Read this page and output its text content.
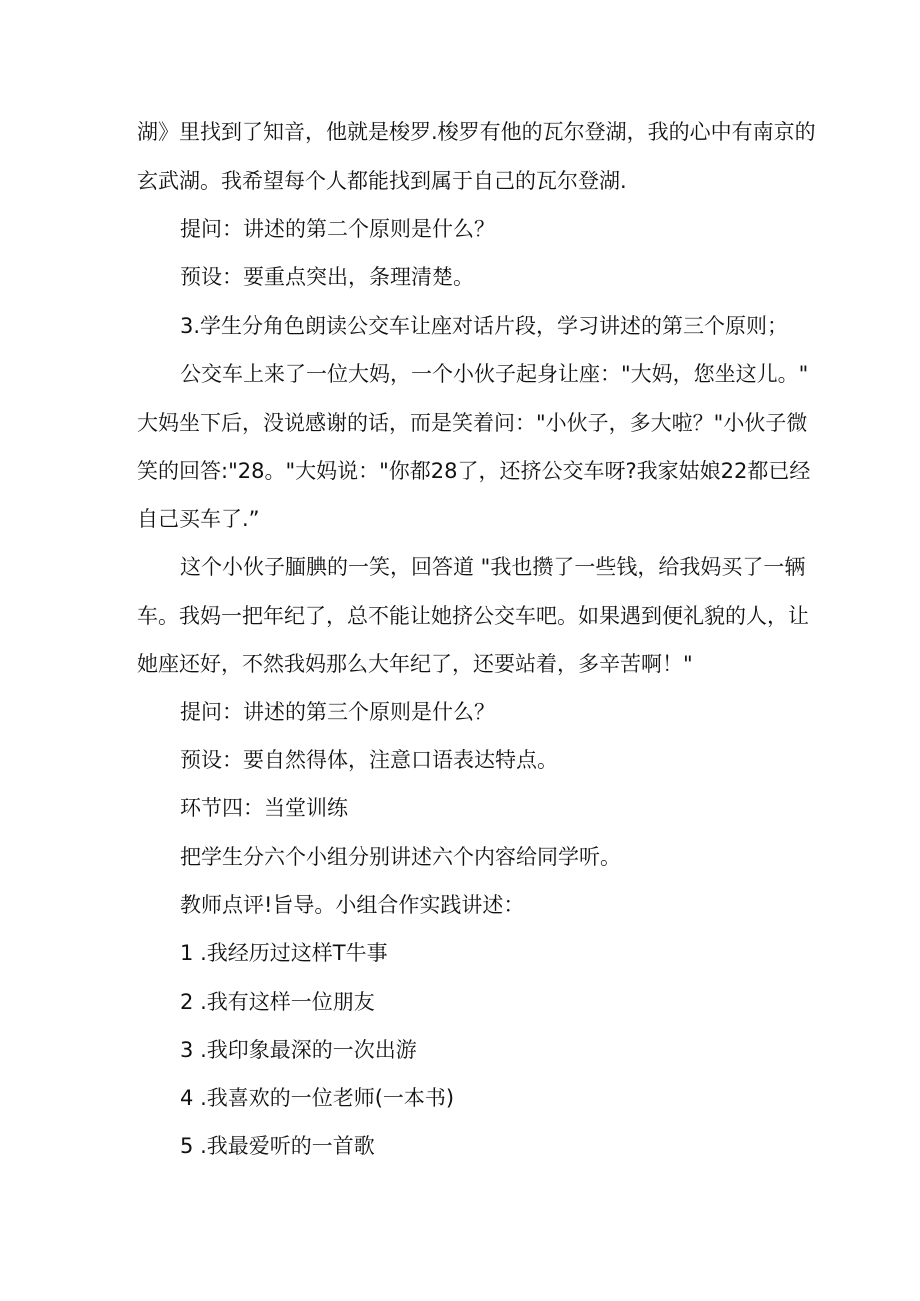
湖》里找到了知音，他就是梭罗.梭罗有他的瓦尔登湖，我的心中有南京的

玄武湖。我希望每个人都能找到属于自己的瓦尔登湖.

提问：讲述的第二个原则是什么？

预设：要重点突出，条理清楚。

3.学生分角色朗读公交车让座对话片段，学习讲述的第三个原则；

公交车上来了一位大妈，一个小伙子起身让座："大妈，您坐这儿。"

大妈坐下后，没说感谢的话，而是笑着问："小伙子，多大啦？"小伙子微

笑的回答:"28。"大妈说："你都28了，还挤公交车呀?我家姑娘22都已经

自己买车了.”

这个小伙子腼腆的一笑，回答道 "我也攒了一些钱，给我妈买了一辆

车。我妈一把年纪了，总不能让她挤公交车吧。如果遇到便礼貌的人，让

她座还好，不然我妈那么大年纪了，还要站着，多辛苦啊！"

提问：讲述的第三个原则是什么？

预设：要自然得体，注意口语表达特点。

环节四：当堂训练

把学生分六个小组分别讲述六个内容给同学听。

教师点评!旨导。小组合作实践讲述：

1 .我经历过这样T牛事

2 .我有这样一位朋友

3 .我印象最深的一次出游

4 .我喜欢的一位老师(一本书)

5 .我最爱听的一首歌
